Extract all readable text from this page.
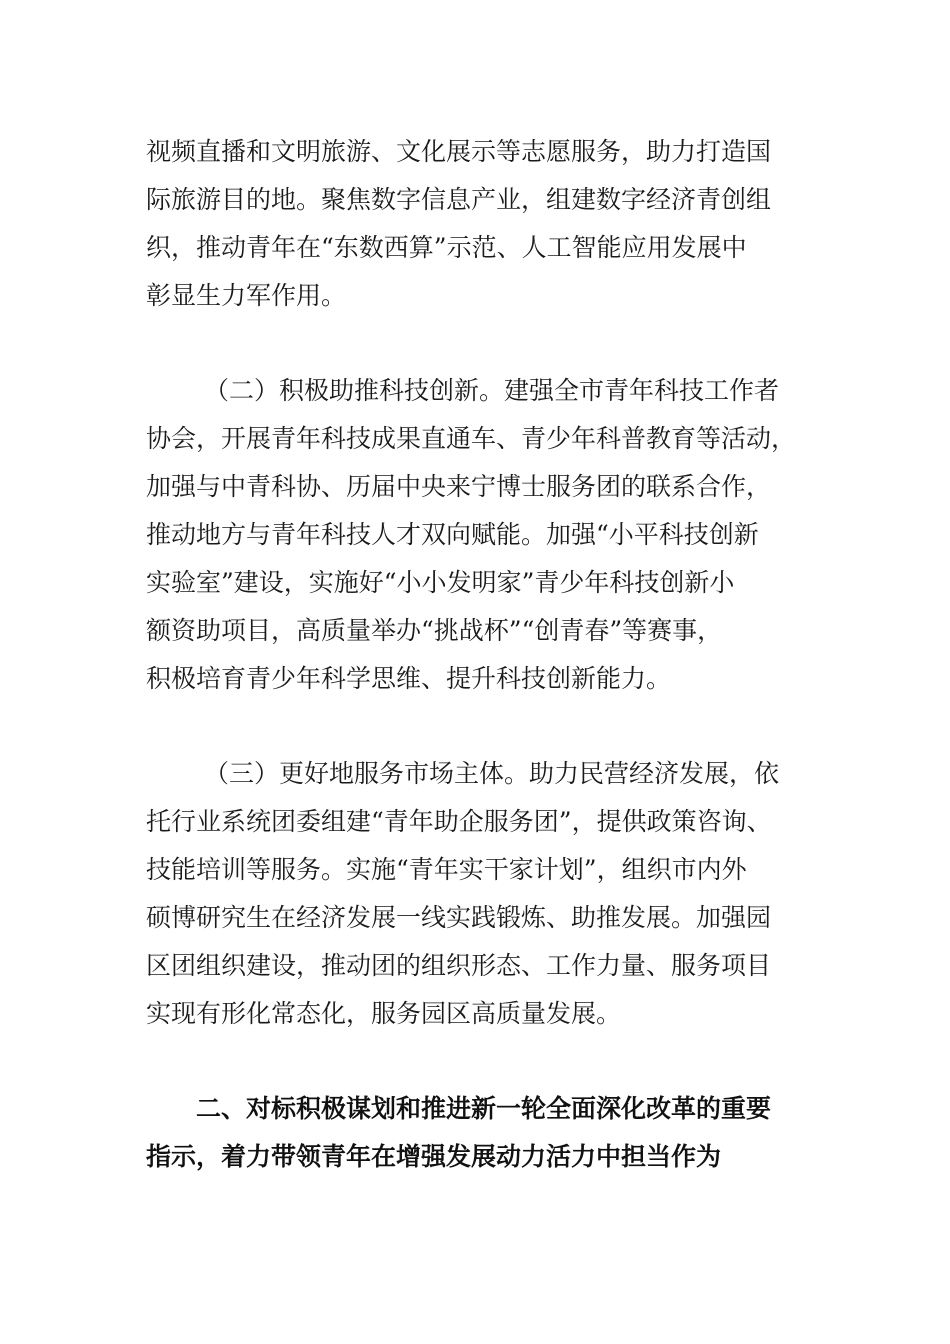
视频直播和文明旅游、文化展示等志愿服务，助力打造国
际旅游目的地。聚焦数字信息产业，组建数字经济青创组
织，推动青年在“东数西算”示范、人工智能应用发展中
彰显生力军作用。

（二）积极助推科技创新。建强全市青年科技工作者
协会，开展青年科技成果直通车、青少年科普教育等活动，
加强与中青科协、历届中央来宁博士服务团的联系合作，
推动地方与青年科技人才双向赋能。加强“小平科技创新
实验室”建设，实施好“小小发明家”青少年科技创新小
额资助项目，高质量举办“挑战杯”“创青春”等赛事，
积极培育青少年科学思维、提升科技创新能力。

（三）更好地服务市场主体。助力民营经济发展，依
托行业系统团委组建“青年助企服务团”，提供政策咨询、
技能培训等服务。实施“青年实干家计划”，组织市内外
硕博研究生在经济发展一线实践锻炼、助推发展。加强园
区团组织建设，推动团的组织形态、工作力量、服务项目
实现有形化常态化，服务园区高质量发展。

二、对标积极谋划和推进新一轮全面深化改革的重要
指示，着力带领青年在增强发展动力活力中担当作为
